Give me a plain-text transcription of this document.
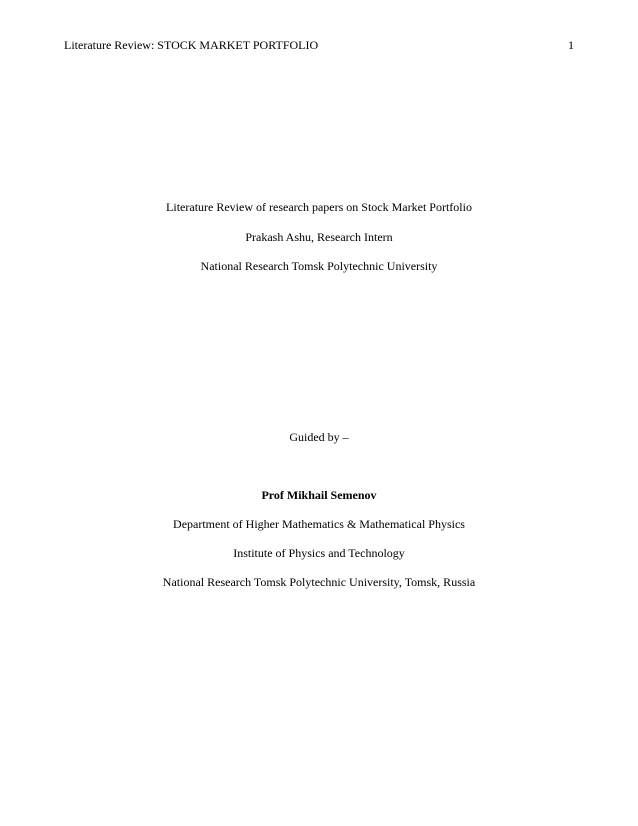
Literature Review: STOCK MARKET PORTFOLIO	1
Literature Review of research papers on Stock Market Portfolio
Prakash Ashu, Research Intern
National Research Tomsk Polytechnic University
Guided by –
Prof Mikhail Semenov
Department of Higher Mathematics & Mathematical Physics
Institute of Physics and Technology
National Research Tomsk Polytechnic University, Tomsk, Russia
